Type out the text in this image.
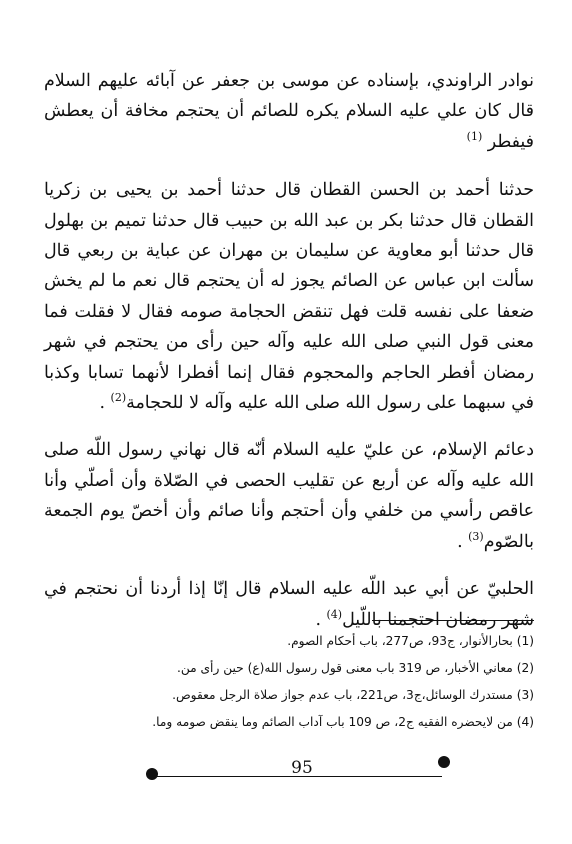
نوادر الراوندي، بإسناده عن موسى بن جعفر عن آبائه عليهم السلام قال كان علي عليه السلام يكره للصائم أن يحتجم مخافة أن يعطش فيفطر $^{(1)}$

حدثنا أحمد بن الحسن القطان قال حدثنا أحمد بن يحيى بن زكريا القطان قال حدثنا بكر بن عبد الله بن حبيب قال حدثنا تميم بن بهلول قال حدثنا أبو معاوية عن سليمان بن مهران عن عباية بن ربعي قال سألت ابن عباس عن الصائم يجوز له أن يحتجم قال نعم ما لم يخش ضعفا على نفسه قلت فهل تنقض الحجامة صومه فقال لا فقلت فما معنى قول النبي صلى الله عليه وآله حين رأى من يحتجم في شهر رمضان أفطر الحاجم والمحجوم فقال إنما أفطرا لأنهما تسابا وكذبا في سبهما على رسول الله صلى الله عليه وآله لا للحجامة$^{(2)}$ .

دعائم الإسلام، عن عليّ عليه السلام أنّه قال نهاني رسول اللّه صلى الله عليه وآله عن أربع عن تقليب الحصى في الصّلاة وأن أصلّي وأنا عاقص رأسي من خلفي وأن أحتجم وأنا صائم وأن أخصّ يوم الجمعة بالصّوم$^{(3)}$ .

الحلبيّ عن أبي عبد اللّه عليه السلام قال إنّا إذا أردنا أن نحتجم في شهر رمضان احتجمنا باللّيل$^{(4)}$ .

(1) بحارالأنوار، ج93، ص277، باب أحكام الصوم.
(2) معاني الأخبار، ص 319 باب معنى قول رسول الله(ع) حين رأى من.
(3) مستدرك الوسائل،ج3، ص221، باب عدم جواز صلاة الرجل معقوص.
(4) من لايحضره الفقيه ج2، ص 109 باب آداب الصائم وما ينقض صومه وما.
95
